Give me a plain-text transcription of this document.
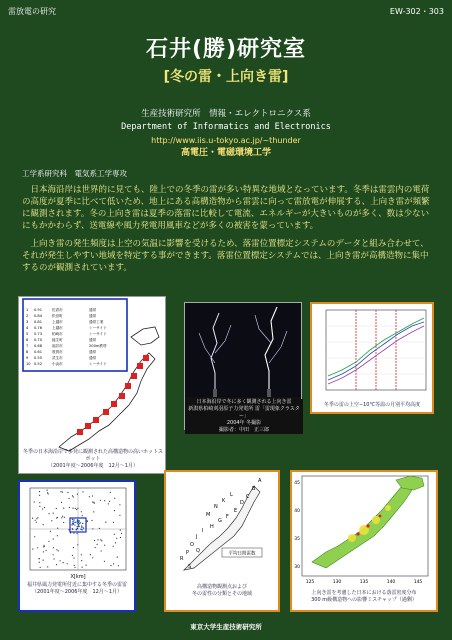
雷放電の研究	EW-302・303
石井(勝)研究室
[冬の雷・上向き雷]
生産技術研究所　情報・エレクトロニクス系
Department of Informatics and Electronics
http://www.iis.u-tokyo.ac.jp/~thunder
高電圧・電磁環境工学
工学系研究科　電気系工学専攻

日本海沿岸は世界的に見ても、陸上での冬季の雷が多い特異な地域となっています。冬季は雷雲内の電荷の高度が夏季に比べて低いため、地上にある高構造物から雷雲に向って雷放電が伸展する、上向き雷が頻繁に観測されます。冬の上向き雷は夏季の落雷に比較して電流、エネルギーが大きいものが多く、数は少ないにもかかわらず、送電線や風力発電用風車などが多くの被害を蒙っています。

上向き雷の発生頻度は上空の気温に影響を受けるため、落雷位置標定システムのデータと組み合わせて、それが発生しやすい地域を特定する事ができます。落雷位置標定システムでは、上向き雷が高構造物に集中するのが観測されています。

1 0.91	佐倉市	通常
2 0.84	松田町	通常
3 0.81	上越市	通常工業
4 0.76	上越市	シーサイド
5 0.73	柏崎市	シーサイド
6 0.70	能生町	通常
7 0.68	福井市	200m鉄塔
8 0.61	敦賀市	通常
9 0.55	武生市	通常
10 0.52	小浜市	シーサイド
冬季の日本海沿岸で多発に観測された高構造物の高いホットスポット
（2001年度〜2006年度　12月〜1月）
日本海沿岸で冬に多く観測される上向き雷
新潟県柏崎刈羽原子力発電所 雷「雷現象クラスター」
2004年 冬撮影
撮影者：中田　正三郎
冬季の雷の上空−10℃等温の月別平均高度
X[km]
福井県風力発電所付近に集中する冬季の雷雷
（2001年度〜2006年度　12月〜1月）
A
B
C
D
E
F
G
H
I
J
K
L
M
N
O
P Q
R
S
平均日間雷数
高構造物観測点および
冬の雷性の分類とその地域
125	130	135	140	145
45
40
35
30
上向き雷を考慮した日本における落雷密度分布
300 m級構造物への影響ミスチャップ（過剰）
東京大学生産技術研究所
